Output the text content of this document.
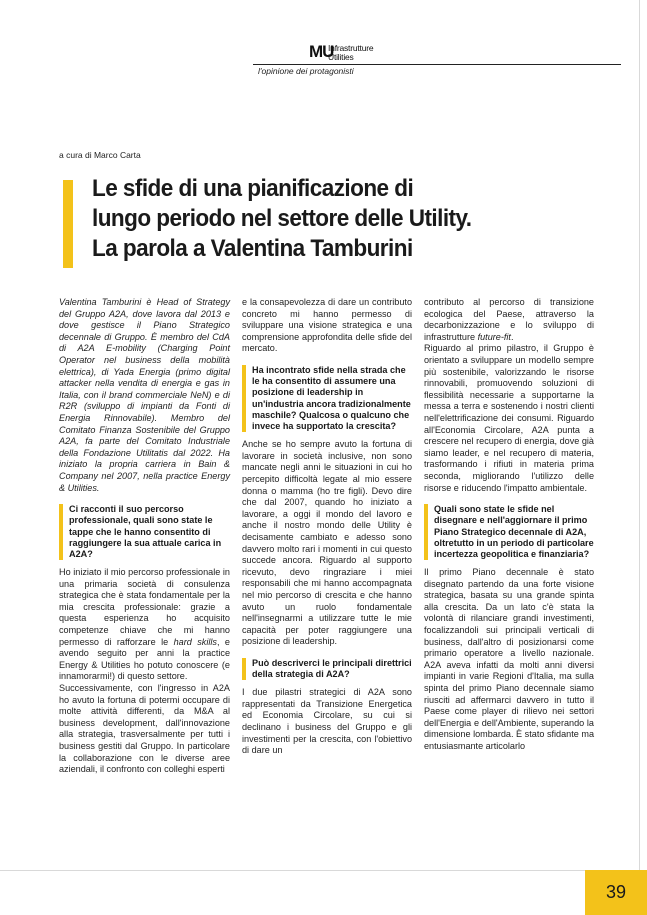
MU
Infrastrutture
Utilities
l'opinione dei protagonisti
a cura di Marco Carta
Le sfide di una pianificazione di
lungo periodo nel settore delle Utility.
La parola a Valentina Tamburini

Valentina Tamburini è Head of Strategy del Gruppo A2A, dove lavora dal 2013 e dove gestisce il Piano Strategico decennale di Gruppo. È membro del CdA di A2A E-mobility (Charging Point Operator nel business della mobilità elettrica), di Yada Energia (primo digital attacker nella vendita di energia e gas in Italia, con il brand commerciale NeN) e di R2R (sviluppo di impianti da Fonti di Energia Rinnovabile). Membro del Comitato Finanza Sostenibile del Gruppo A2A, fa parte del Comitato Industriale della Fondazione Utilitatis dal 2022. Ha iniziato la propria carriera in Bain & Company nel 2007, nella practice Energy & Utilities.

Ci racconti il suo percorso professionale, quali sono state le tappe che le hanno consentito di raggiungere la sua attuale carica in A2A?

Ho iniziato il mio percorso professionale in una primaria società di consulenza strategica che è stata fondamentale per la mia crescita professionale: grazie a questa esperienza ho acquisito competenze chiave che mi hanno permesso di rafforzare le hard skills, e avendo seguito per anni la practice Energy & Utilities ho potuto conoscere (e innamorarmi!) di questo settore.

Successivamente, con l'ingresso in A2A ho avuto la fortuna di potermi occupare di molte attività differenti, da M&A al business development, dall'innovazione alla strategia, trasversalmente per tutti i business gestiti dal Gruppo. In particolare la collaborazione con le diverse aree aziendali, il confronto con colleghi esperti

e la consapevolezza di dare un contributo concreto mi hanno permesso di sviluppare una visione strategica e una comprensione approfondita delle sfide del mercato.

Ha incontrato sfide nella strada che le ha consentito di assumere una posizione di leadership in un'industria ancora tradizionalmente maschile? Qualcosa o qualcuno che invece ha supportato la crescita?

Anche se ho sempre avuto la fortuna di lavorare in società inclusive, non sono mancate negli anni le situazioni in cui ho percepito difficoltà legate al mio essere donna o mamma (ho tre figli). Devo dire che dal 2007, quando ho iniziato a lavorare, a oggi il mondo del lavoro e anche il nostro mondo delle Utility è decisamente cambiato e adesso sono davvero molto rari i momenti in cui questo succede ancora. Riguardo al supporto ricevuto, devo ringraziare i miei responsabili che mi hanno accompagnata nel mio percorso di crescita e che hanno avuto un ruolo fondamentale nell'insegnarmi a utilizzare tutte le mie capacità per poter raggiungere una posizione di leadership.

Può descriverci le principali direttrici della strategia di A2A?

I due pilastri strategici di A2A sono rappresentati da Transizione Energetica ed Economia Circolare, su cui si declinano i business del Gruppo e gli investimenti per la crescita, con l'obiettivo di dare un

contributo al percorso di transizione ecologica del Paese, attraverso la decarbonizzazione e lo sviluppo di infrastrutture future-fit.

Riguardo al primo pilastro, il Gruppo è orientato a sviluppare un modello sempre più sostenibile, valorizzando le risorse rinnovabili, promuovendo soluzioni di flessibilità necessarie a supportarne la messa a terra e sostenendo i nostri clienti nell'elettrificazione dei consumi. Riguardo all'Economia Circolare, A2A punta a crescere nel recupero di energia, dove già siamo leader, e nel recupero di materia, trasformando i rifiuti in materia prima seconda, migliorando l'utilizzo delle risorse e riducendo l'impatto ambientale.

Quali sono state le sfide nel disegnare e nell'aggiornare il primo Piano Strategico decennale di A2A, oltretutto in un periodo di particolare incertezza geopolitica e finanziaria?

Il primo Piano decennale è stato disegnato partendo da una forte visione strategica, basata su una grande spinta alla crescita. Da un lato c'è stata la volontà di rilanciare grandi investimenti, focalizzandoli sui principali verticali di business, dall'altro di posizionarsi come primario operatore a livello nazionale. A2A aveva infatti da molti anni diversi impianti in varie Regioni d'Italia, ma sulla spinta del primo Piano decennale siamo riusciti ad affermarci davvero in tutto il Paese come player di rilievo nei settori dell'Energia e dell'Ambiente, superando la dimensione lombarda. È stato sfidante ma entusiasmante articolarlo

39
